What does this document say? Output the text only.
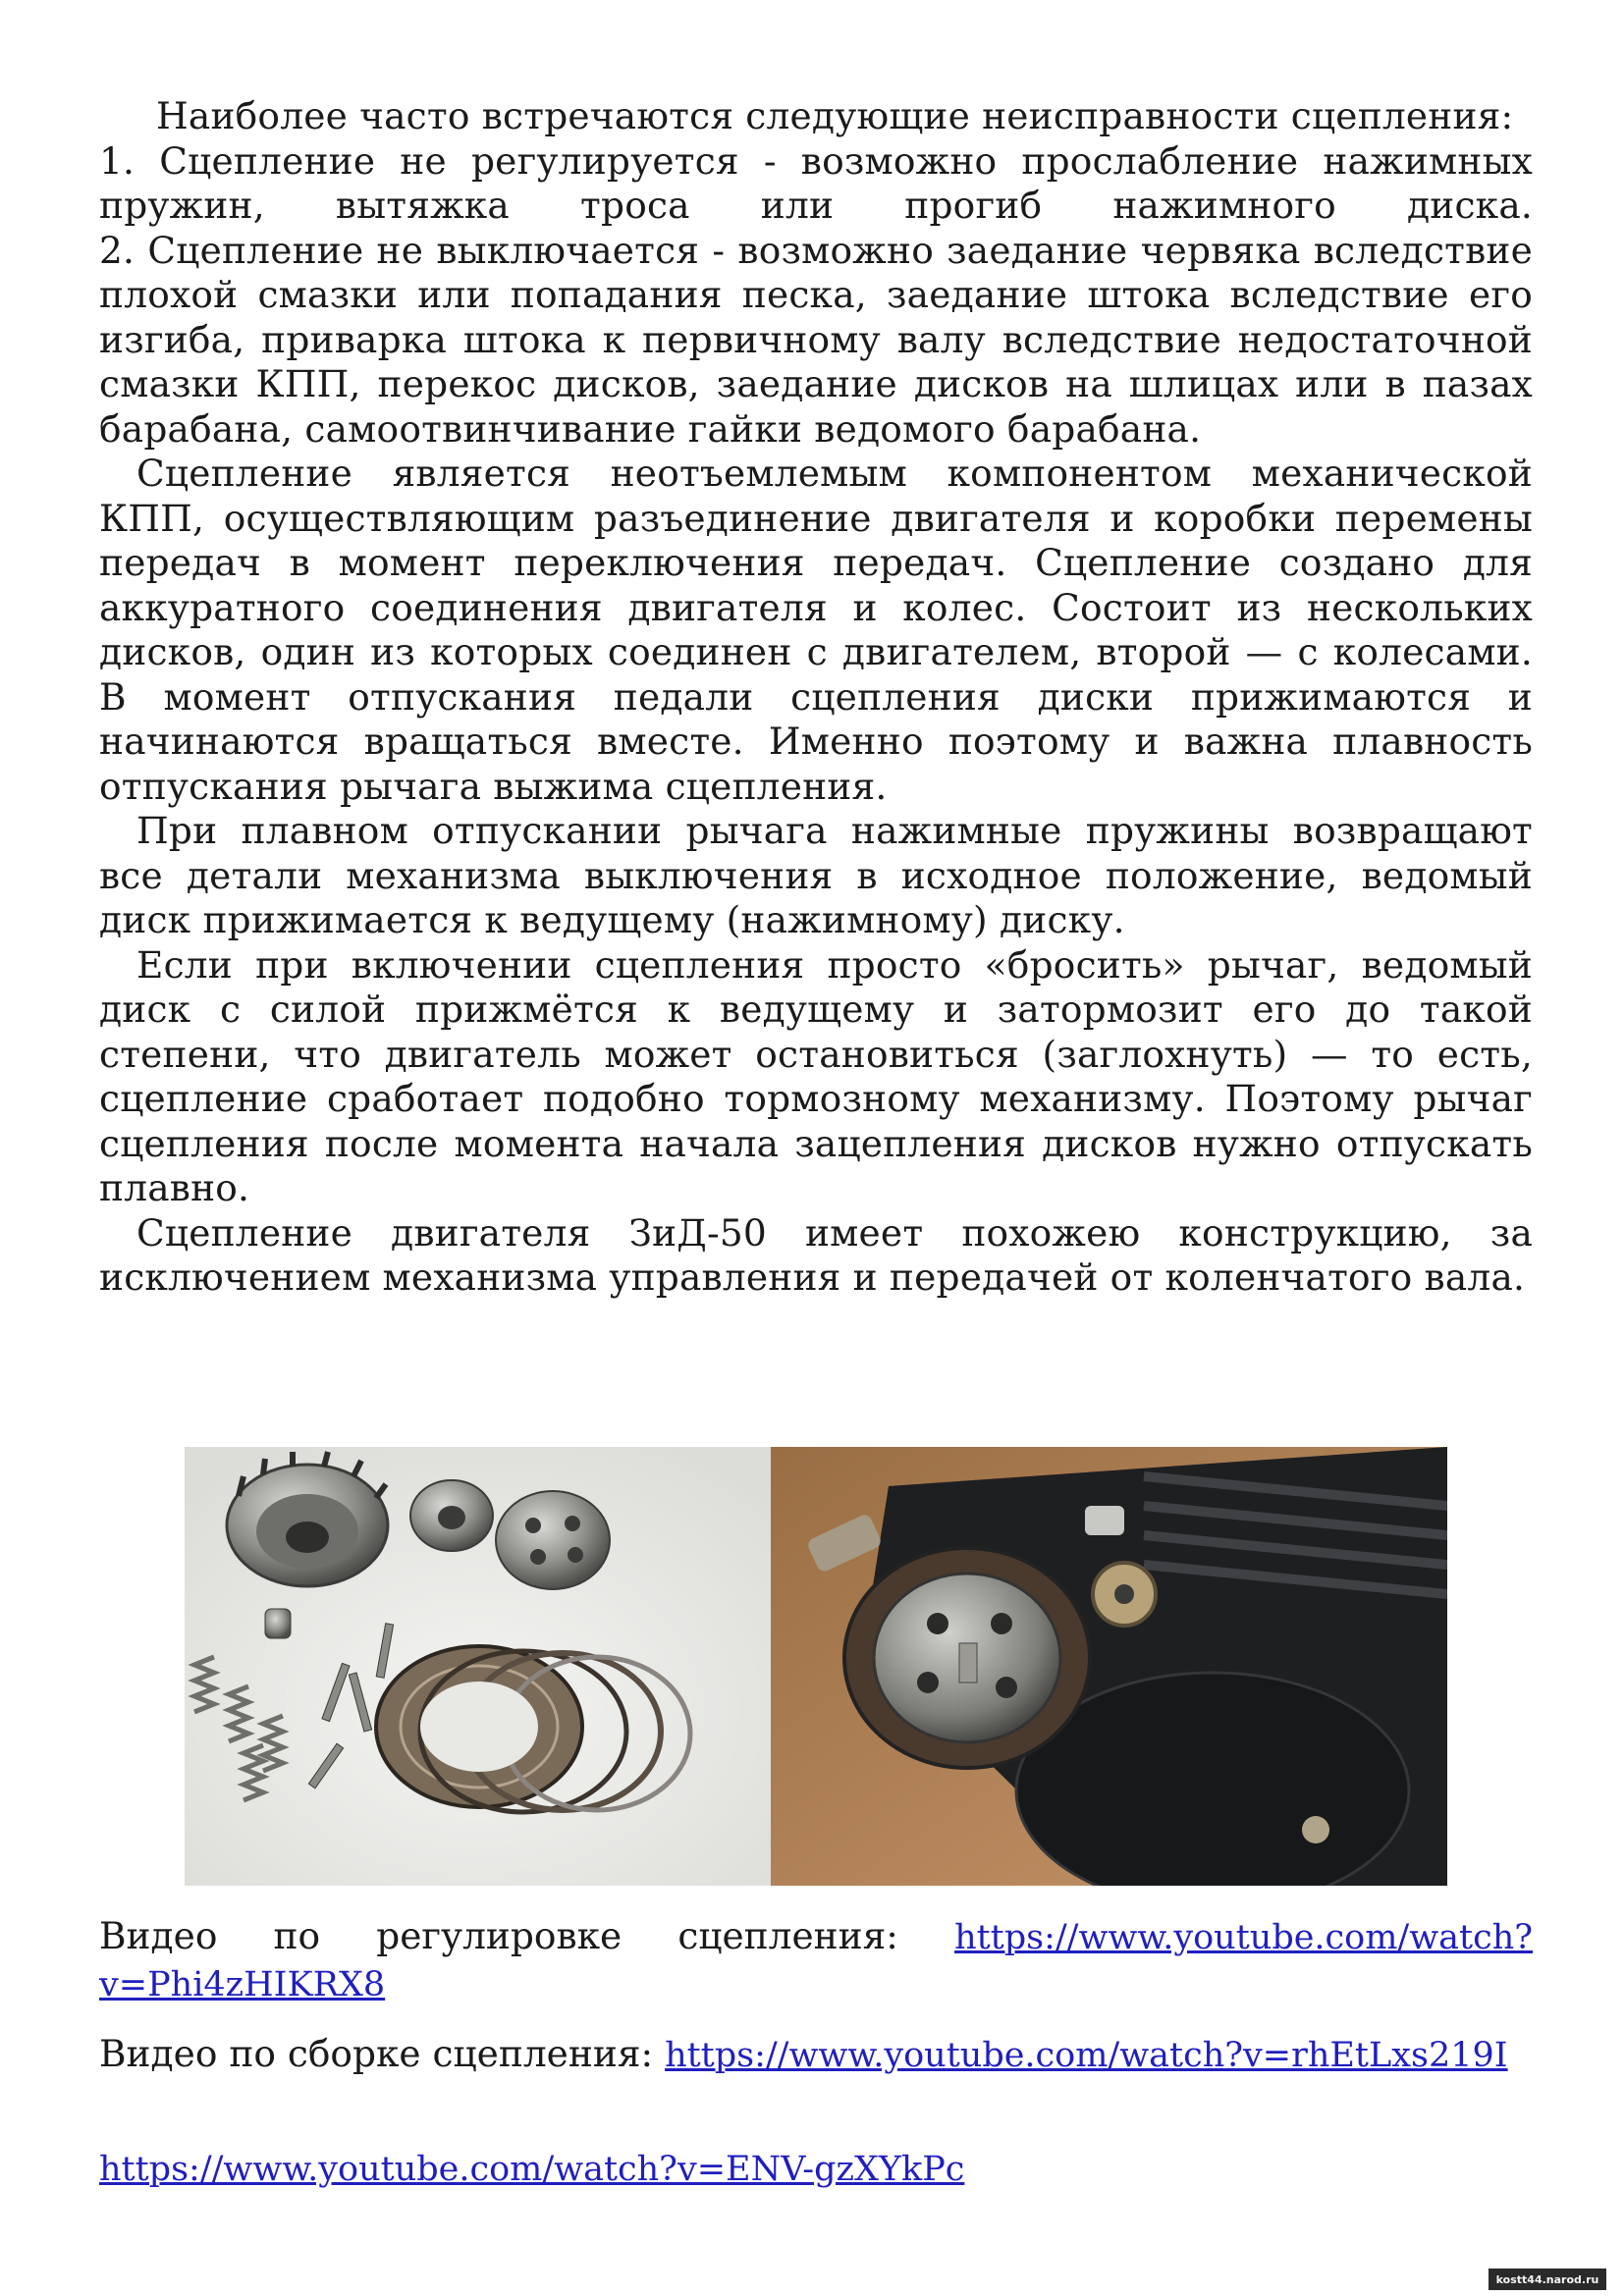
Наиболее часто встречаются следующие неисправности сцепления:

1. Сцепление не регулируется - возможно прослабление нажимных пружин, вытяжка троса или прогиб нажимного диска.

2. Сцепление не выключается - возможно заедание червяка вследствие плохой смазки или попадания песка, заедание штока вследствие его изгиба, приварка штока к первичному валу вследствие недостаточной смазки КПП, перекос дисков, заедание дисков на шлицах или в пазах барабана, самоотвинчивание гайки ведомого барабана.

Сцепление является неотъемлемым компонентом механической КПП, осуществляющим разъединение двигателя и коробки перемены передач в момент переключения передач. Сцепление создано для аккуратного соединения двигателя и колес. Состоит из нескольких дисков, один из которых соединен с двигателем, второй — с колесами. В момент отпускания педали сцепления диски прижимаются и начинаются вращаться вместе. Именно поэтому и важна плавность отпускания рычага выжима сцепления.

При плавном отпускании рычага нажимные пружины возвращают все детали механизма выключения в исходное положение, ведомый диск прижимается к ведущему (нажимному) диску.

Если при включении сцепления просто «бросить» рычаг, ведомый диск с силой прижмётся к ведущему и затормозит его до такой степени, что двигатель может остановиться (заглохнуть) — то есть, сцепление сработает подобно тормозному механизму. Поэтому рычаг сцепления после момента начала зацепления дисков нужно отпускать плавно.

Сцепление двигателя ЗиД-50 имеет похожею конструкцию, за исключением механизма управления и передачей от коленчатого вала.

Видео по регулировке сцепления: https://www.youtube.com/watch?

v=Phi4zHIKRX8

Видео по сборке сцепления: https://www.youtube.com/watch?v=rhEtLxs219I

https://www.youtube.com/watch?v=ENV-gzXYkPc

kostt44.narod.ru
